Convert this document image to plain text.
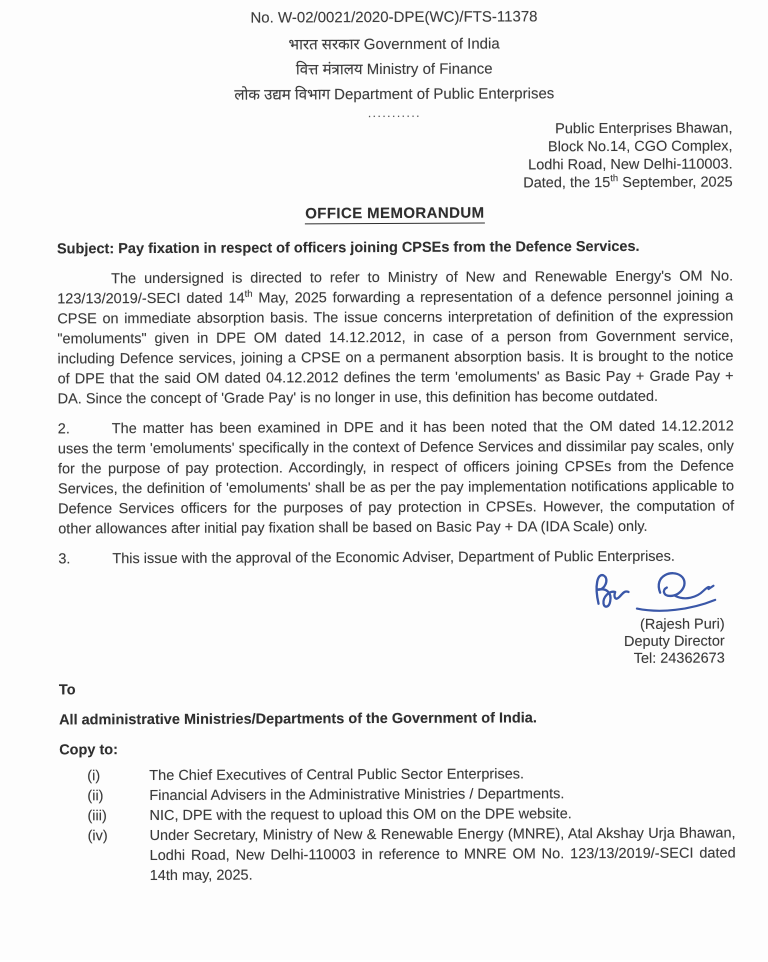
No. W-02/0021/2020-DPE(WC)/FTS-11378
भारत सरकार Government of India
वित्त मंत्रालय Ministry of Finance
लोक उद्यम विभाग Department of Public Enterprises
...........
Public Enterprises Bhawan,
Block No.14, CGO Complex,
Lodhi Road, New Delhi-110003.
Dated, the 15th September, 2025
OFFICE MEMORANDUM
Subject: Pay fixation in respect of officers joining CPSEs from the Defence Services.

The undersigned is directed to refer to Ministry of New and Renewable Energy's OM No. 123/13/2019/-SECI dated 14th May, 2025 forwarding a representation of a defence personnel joining a CPSE on immediate absorption basis. The issue concerns interpretation of definition of the expression "emoluments" given in DPE OM dated 14.12.2012, in case of a person from Government service, including Defence services, joining a CPSE on a permanent absorption basis. It is brought to the notice of DPE that the said OM dated 04.12.2012 defines the term 'emoluments' as Basic Pay + Grade Pay + DA. Since the concept of 'Grade Pay' is no longer in use, this definition has become outdated.

2.	The matter has been examined in DPE and it has been noted that the OM dated 14.12.2012 uses the term 'emoluments' specifically in the context of Defence Services and dissimilar pay scales, only for the purpose of pay protection. Accordingly, in respect of officers joining CPSEs from the Defence Services, the definition of 'emoluments' shall be as per the pay implementation notifications applicable to Defence Services officers for the purposes of pay protection in CPSEs. However, the computation of other allowances after initial pay fixation shall be based on Basic Pay + DA (IDA Scale) only.

3.	This issue with the approval of the Economic Adviser, Department of Public Enterprises.

(Rajesh Puri)
Deputy Director
Tel: 24362673
To
All administrative Ministries/Departments of the Government of India.
Copy to:
(i)	The Chief Executives of Central Public Sector Enterprises.
(ii)	Financial Advisers in the Administrative Ministries / Departments.
(iii)	NIC, DPE with the request to upload this OM on the DPE website.
(iv)	Under Secretary, Ministry of New & Renewable Energy (MNRE), Atal Akshay Urja Bhawan, Lodhi Road, New Delhi-110003 in reference to MNRE OM No. 123/13/2019/-SECI dated 14th may, 2025.
